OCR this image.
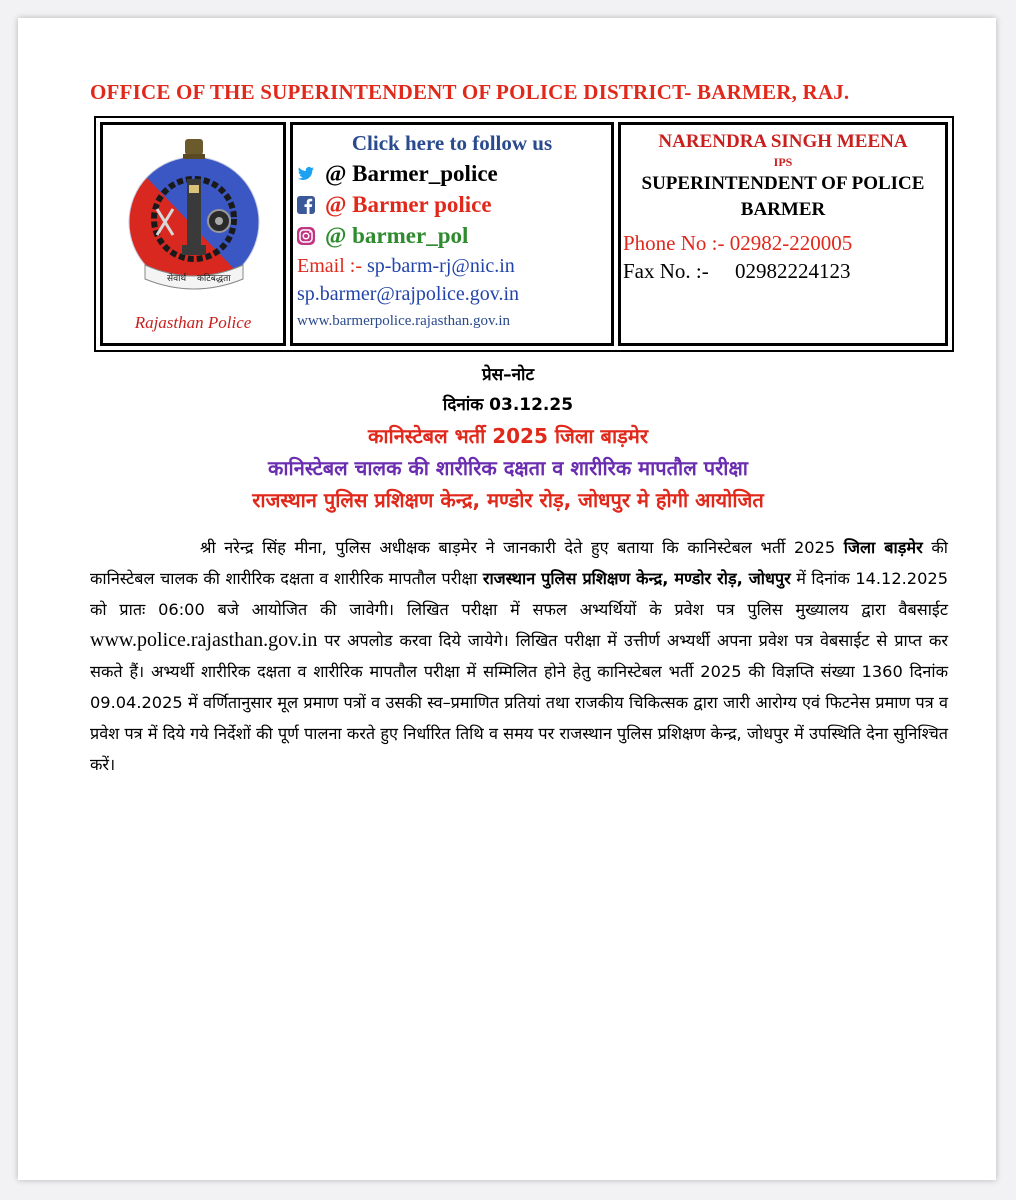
OFFICE OF THE SUPERINTENDENT OF POLICE DISTRICT- BARMER, RAJ.
सेवार्थ कटिबद्धता
Rajasthan Police
Click here to follow us
@ Barmer_police
@ Barmer police
@ barmer_pol
Email :- sp-barm-rj@nic.in
sp.barmer@rajpolice.gov.in
www.barmerpolice.rajasthan.gov.in
NARENDRA SINGH MEENA
IPS
SUPERINTENDENT OF POLICE
BARMER
Phone No :- 02982-220005
Fax No. :-     02982224123
प्रेस–नोट
दिनांक 03.12.25
कानिस्टेबल भर्ती 2025 जिला बाड़मेर
कानिस्टेबल चालक की शारीरिक दक्षता व शारीरिक मापतौल परीक्षा
राजस्थान पुलिस प्रशिक्षण केन्द्र, मण्डोर रोड़, जोधपुर मे होगी आयोजित
श्री नरेन्द्र सिंह मीना, पुलिस अधीक्षक बाड़मेर ने जानकारी देते हुए बताया कि कानिस्टेबल भर्ती 2025 जिला बाड़मेर की कानिस्टेबल चालक की शारीरिक दक्षता व शारीरिक मापतौल परीक्षा राजस्थान पुलिस प्रशिक्षण केन्द्र, मण्डोर रोड़, जोधपुर में दिनांक 14.12.2025 को प्रातः 06:00 बजे आयोजित की जावेगी। लिखित परीक्षा में सफल अभ्यर्थियों के प्रवेश पत्र पुलिस मुख्यालय द्वारा वैबसाईट www.police.rajasthan.gov.in पर अपलोड करवा दिये जायेगे। लिखित परीक्षा में उत्तीर्ण अभ्यर्थी अपना प्रवेश पत्र वेबसाईट से प्राप्त कर सकते हैं। अभ्यर्थी शारीरिक दक्षता व शारीरिक मापतौल परीक्षा में सम्मिलित होने हेतु कानिस्टेबल भर्ती 2025 की विज्ञप्ति संख्या 1360 दिनांक 09.04.2025 में वर्णितानुसार मूल प्रमाण पत्रों व उसकी स्व–प्रमाणित प्रतियां तथा राजकीय चिकित्सक द्वारा जारी आरोग्य एवं फिटनेस प्रमाण पत्र व प्रवेश पत्र में दिये गये निर्देशों की पूर्ण पालना करते हुए निर्धारित तिथि व समय पर राजस्थान पुलिस प्रशिक्षण केन्द्र, जोधपुर में उपस्थिति देना सुनिश्चित करें।
